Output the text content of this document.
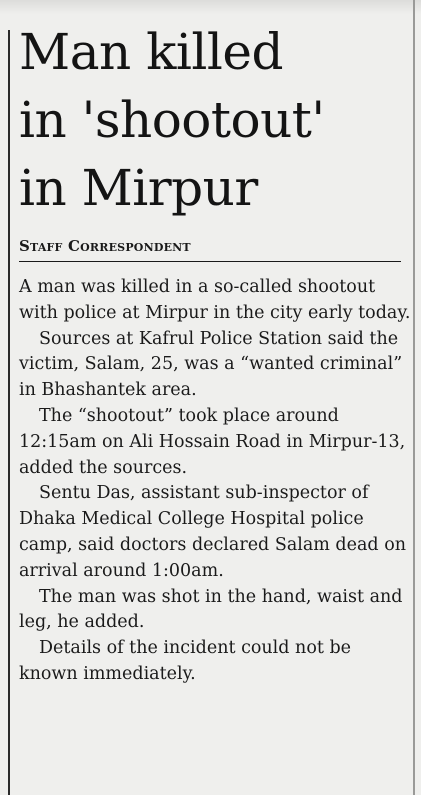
Man killed
in 'shootout'
in Mirpur
Staff Correspondent

A man was killed in a so-called shootout with police at Mirpur in the city early today.

Sources at Kafrul Police Station said the victim, Salam, 25, was a “wanted criminal” in Bhashantek area.

The “shootout” took place around 12:15am on Ali Hossain Road in Mirpur-13, added the sources.

Sentu Das, assistant sub-inspector of Dhaka Medical College Hospital police camp, said doctors declared Salam dead on arrival around 1:00am.

The man was shot in the hand, waist and leg, he added.

Details of the incident could not be known immediately.
